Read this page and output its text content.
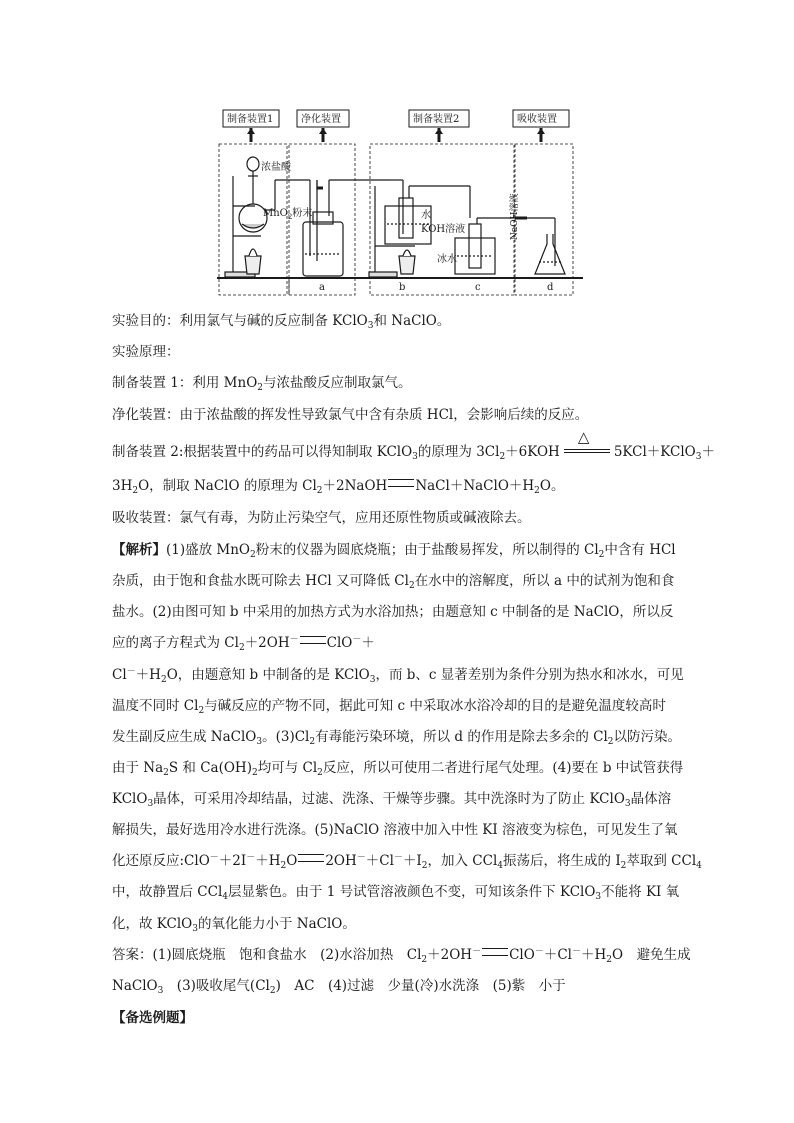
制备装置1	净化装置	制备装置2	吸收装置
浓盐酸
MnO$_2$粉末	水
KOH溶液
冰水
NaOH溶液
a	b	c	d
实验目的：利用氯气与碱的反应制备 KClO$_3$和 NaClO。
实验原理：
制备装置 1：利用 MnO$_2$与浓盐酸反应制取氯气。
净化装置：由于浓盐酸的挥发性导致氯气中含有杂质 HCl，会影响后续的反应。
制备装置 2:根据装置中的药品可以得知制取 KClO$_3$的原理为 $3Cl_2+6KOH$
△
5KCl＋KClO$_3$＋
$3H_2O$，制取 NaClO 的原理为 $Cl_2+2NaOH$ $NaCl+NaClO+H_2O$。
吸收装置：氯气有毒，为防止污染空气，应用还原性物质或碱液除去。
【解析】(1)盛放 MnO$_2$粉末的仪器为圆底烧瓶；由于盐酸易挥发，所以制得的 $Cl_2$中含有 HCl
杂质，由于饱和食盐水既可除去 HCl 又可降低 $Cl_2$在水中的溶解度，所以 a 中的试剂为饱和食
盐水。(2)由图可知 b 中采用的加热方式为水浴加热；由题意知 c 中制备的是 NaClO，所以反
应的离子方程式为 $Cl_2+2OH^-$ ClO－＋
$Cl^-+H_2O$，由题意知 b 中制备的是 KClO$_3$，而 b、c 显著差别为条件分别为热水和冰水，可见
温度不同时 $Cl_2$与碱反应的产物不同，据此可知 c 中采取冰水浴冷却的目的是避免温度较高时
发生副反应生成 NaClO$_3$。$(3)Cl_2$有毒能污染环境，所以 d 的作用是除去多余的 $Cl_2$以防污染。
由于 $Na_2S$ 和 $Ca(OH)_2$均可与 $Cl_2$反应，所以可使用二者进行尾气处理。(4)要在 b 中试管获得
KClO$_3$晶体，可采用冷却结晶，过滤、洗涤、干燥等步骤。其中洗涤时为了防止 KClO$_3$晶体溶
解损失，最好选用冷水进行洗涤。(5)NaClO 溶液中加入中性 KI 溶液变为棕色，可见发生了氧
化还原反应$:ClO^-+2I^-+H_2O$ $2OH^-+Cl^-+I_2$，加入 CCl$_4$振荡后，将生成的 $I_2$萃取到 CCl$_4$
中，故静置后 CCl$_4$层显紫色。由于 1 号试管溶液颜色不变，可知该条件下 KClO$_3$不能将 KI 氧
化，故 KClO$_3$的氧化能力小于 NaClO。
答案：(1)圆底烧瓶　饱和食盐水　(2)水浴加热　$Cl_2+2OH^-$ $ClO^-+Cl^-+H_2O$　避免生成
NaClO$_3$　(3)吸收尾气$(Cl_2)$　AC　(4)过滤　少量(冷)水洗涤　(5)紫　小于
【备选例题】
